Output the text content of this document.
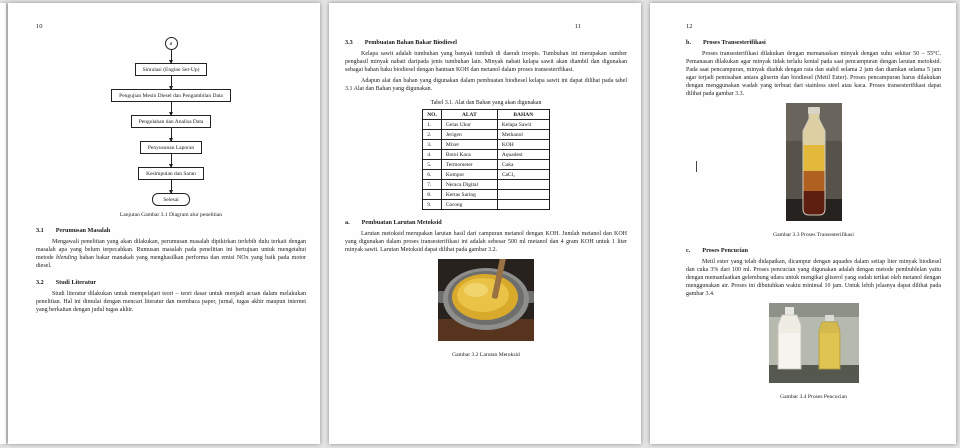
10
a
Simulasi (Engine Set-Up)
Pengujian Mesin Diesel dan Pengambilan Data
Pengolahan dan Analisa Data
Penyusunan Laporan
Kesimpulan dan Saran
Selesai
Lanjutan Gambar 3.1 Diagram alur penelitian
3.1 Perumusan Masalah

Mengawali penelitian yang akan dilakukan, perumusan masalah dipikirkan terlebih dulu terkait dengan masalah apa yang belum terpecahkan. Rumusan masalah pada penelitian ini bertujuan untuk mengetahui metode blending bahan bakar manakah yang menghasilkan performa dan emisi NOx yang baik pada motor diesel.

3.2 Studi Literatur

Studi literatur dilakukan untuk mempelajari teori – teori dasar untuk menjadi acuan dalam melakukan penelitian. Hal ini dimulai dengan mencari literatur dan membaca paper, jurnal, tugas akhir maupun internet yang berkaitan dengan judul tugas akhir.

11
3.3 Pembuatan Bahan Bakar Biodiesel

Kelapa sawit adalah tumbuhan yang banyak tumbuh di daerah troopis. Tumbuhan ini merupakan sumber penghasil minyak nabati daripada jenis tumbuhan lain. Minyak nabati kelapa sawit akan diambil dan digunakan sebagai bahan baku biodiesel dengan bantuan KOH dan metanol dalam proses transesterifikasi.

Adapun alat dan bahan yang digunakan dalam pembuatan biodiesel kelapa sawit ini dapat dilihat pada tabel 3.1 Alat dan Bahan yang digunakan.

Tabel 3.1. Alat dan Bahan yang akan digunakan
NO.	ALAT	BAHAN
1.	Gelas Ukur	Kelapa Sawit
2.	Jerigen	Methanol
3.	Mixer	KOH
4.	Botol Kaca	Aquadest
5.	Termometer	Cuka
6.	Kompor	CaCl₂
7.	Neraca Digital	
8.	Kertas Saring	
9.	Corong	
a. Pembuatan Larutan Metoksid

Larutan metoksid merupakan larutan hasil dari campuran metanol dengan KOH. Jumlah metanol dan KOH yang digunakan dalam proses transesterifikasi ini adalah sebesar 500 ml metanol dan 4 gram KOH untuk 1 liter minyak sawit. Larutan Metoksid dapat dilihat pada gambar 3.2.

Gambar 3.2 Larutan Metoksid
12
b. Proses Transesterifikasi

Proses transesterifikasi dilakukan dengan memanaskan minyak dengan suhu sekitar 50 – 55°C. Pemanasan dilakukan agar minyak tidak terlalu kental pada saat pencampuran dengan larutan metoksid. Pada saat pencampuran, minyak diaduk dengan rata dan stabil selama 2 jam dan diamkan selama 5 jam agar terjadi pemisahan antara gliserin dan biodiesel (Metil Ester). Proses pencampuran harus dilakukan dengan menggunakan wadah yang terbuat dari stainless steel atau kaca. Proses transesterifikasi dapat dilihat pada gambar 3.3.

Gambar 3.3 Proses Transesterifikasi
c. Proses Pencucian

Metil ester yang telah didapatkan, dicampur dengan aquades dalam setiap liter minyak biodiesel dan cuka 3% dari 100 ml. Proses pencucian yang digunakan adalah dengan metode pembublelan yaitu dengan memanfaatkan gelembung udara untuk mengikat gliserol yang sudah terikat oleh metanol dengan menggunakan air. Proses ini dibutuhkan waktu minimal 10 jam. Untuk lebih jelasnya dapat dilihat pada gambar 3.4.

Gambar 3.4 Proses Pencucian
